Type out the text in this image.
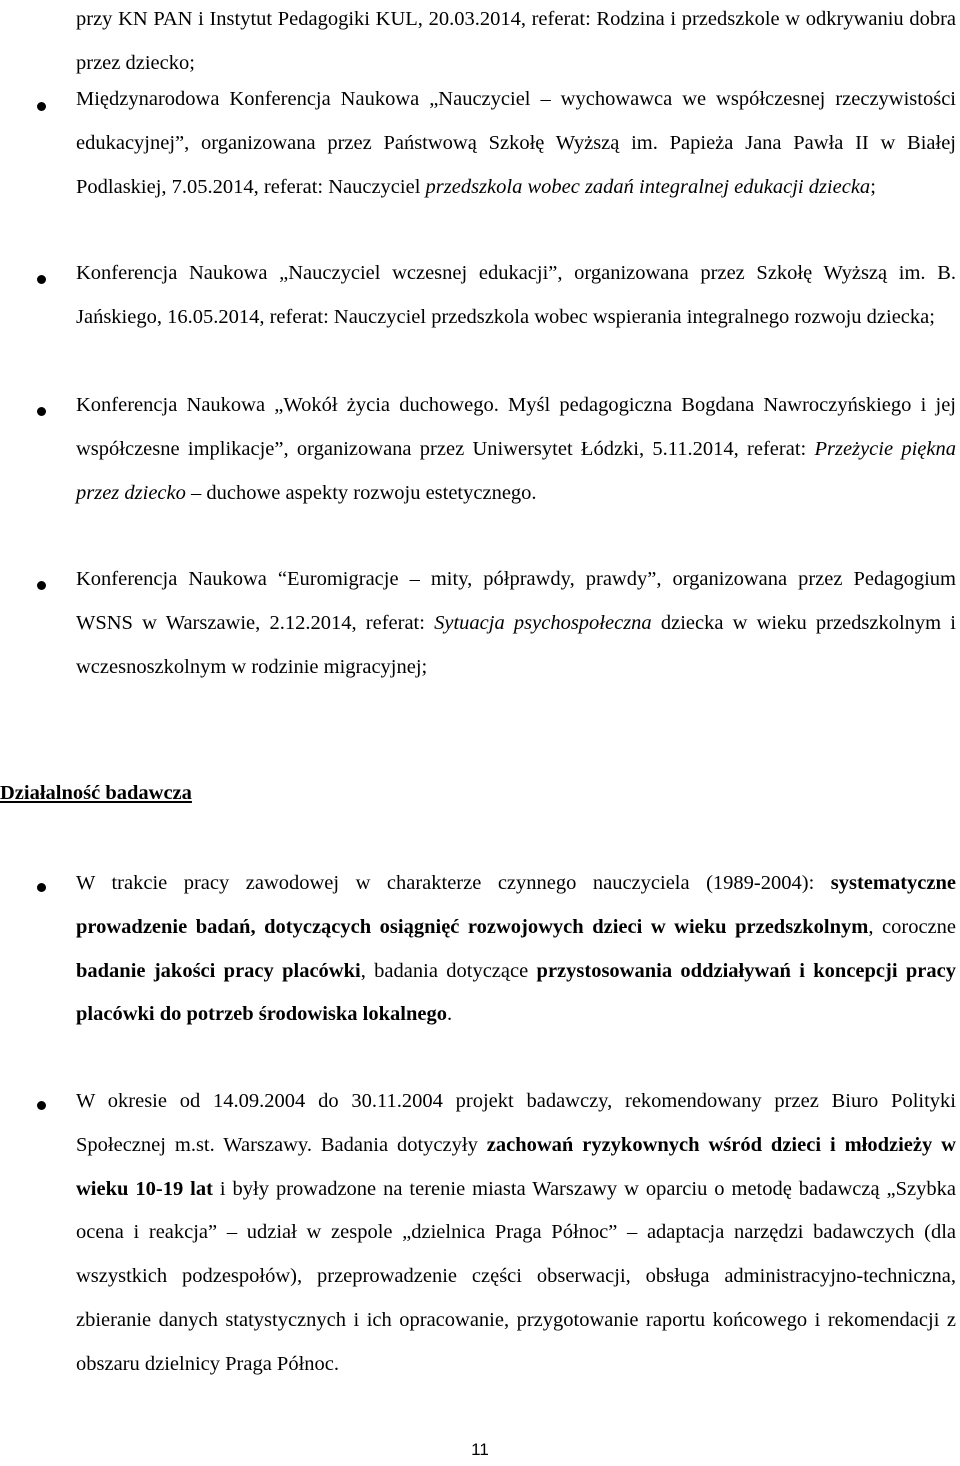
przy KN PAN i Instytut Pedagogiki KUL, 20.03.2014, referat: Rodzina i przedszkole w odkrywaniu dobra przez dziecko;
Międzynarodowa Konferencja Naukowa „Nauczyciel – wychowawca we współczesnej rzeczywistości edukacyjnej”, organizowana przez Państwową Szkołę Wyższą im. Papieża Jana Pawła II w Białej Podlaskiej, 7.05.2014, referat: Nauczyciel przedszkola wobec zadań integralnej edukacji dziecka;
Konferencja Naukowa „Nauczyciel wczesnej edukacji”, organizowana przez Szkołę Wyższą im. B. Jańskiego, 16.05.2014, referat: Nauczyciel przedszkola wobec wspierania integralnego rozwoju dziecka;
Konferencja Naukowa „Wokół życia duchowego. Myśl pedagogiczna Bogdana Nawroczyńskiego i jej współczesne implikacje”, organizowana przez Uniwersytet Łódzki, 5.11.2014, referat: Przeżycie piękna przez dziecko – duchowe aspekty rozwoju estetycznego.
Konferencja Naukowa “Euromigracje – mity, półprawdy, prawdy”, organizowana przez Pedagogium WSNS w Warszawie, 2.12.2014, referat: Sytuacja psychospołeczna dziecka w wieku przedszkolnym i wczesnoszkolnym w rodzinie migracyjnej;
Działalność badawcza
W trakcie pracy zawodowej w charakterze czynnego nauczyciela (1989-2004): systematyczne prowadzenie badań, dotyczących osiągnięć rozwojowych dzieci w wieku przedszkolnym, coroczne badanie jakości pracy placówki, badania dotyczące przystosowania oddziaływań i koncepcji pracy placówki do potrzeb środowiska lokalnego.
W okresie od 14.09.2004 do 30.11.2004 projekt badawczy, rekomendowany przez Biuro Polityki Społecznej m.st. Warszawy. Badania dotyczyły zachowań ryzykownych wśród dzieci i młodzieży w wieku 10-19 lat i były prowadzone na terenie miasta Warszawy w oparciu o metodę badawczą „Szybka ocena i reakcja” – udział w zespole „dzielnica Praga Północ” – adaptacja narzędzi badawczych (dla wszystkich podzespołów), przeprowadzenie części obserwacji, obsługa administracyjno-techniczna, zbieranie danych statystycznych i ich opracowanie, przygotowanie raportu końcowego i rekomendacji z obszaru dzielnicy Praga Północ.
11
